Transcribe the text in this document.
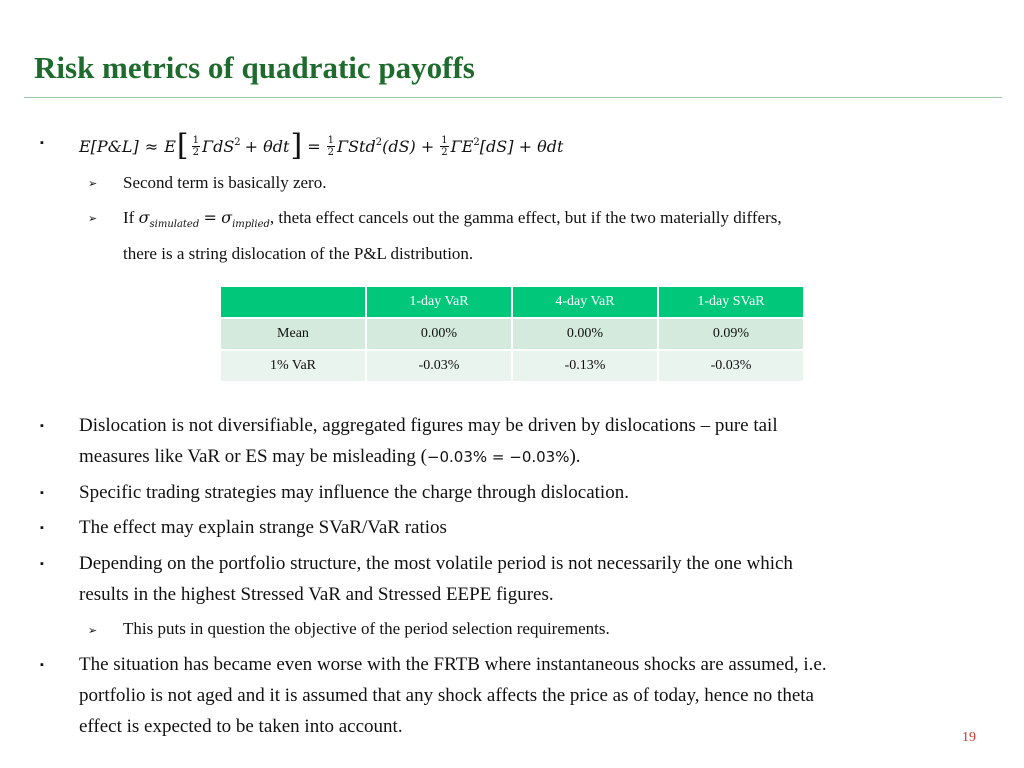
Risk metrics of quadratic payoffs
▪ E[P&L] ≈ E [ $\frac{1}{2} \Gamma dS^2 + \theta dt$ ] = $\frac{1}{2} \Gamma Std^2$ $(dS) + \frac{1}{2} \Gamma E^2$ [dS] + θdt
➢ Second term is basically zero.
➢ If $\sigma_{simulated} = \sigma_{implied}$, theta effect cancels out the gamma effect, but if the two materially differs,
there is a string dislocation of the P&L distribution.
	1-day VaR	4-day VaR	1-day SVaR
Mean	0.00%	0.00%	0.09%
1% VaR	-0.03%	-0.13%	-0.03%
▪ Dislocation is not diversifiable, aggregated figures may be driven by dislocations – pure tail
measures like VaR or ES may be misleading (−0.03% = −0.03%).
▪ Specific trading strategies may influence the charge through dislocation.
▪ The effect may explain strange SVaR/VaR ratios
▪ Depending on the portfolio structure, the most volatile period is not necessarily the one which
results in the highest Stressed VaR and Stressed EEPE figures.
➢ This puts in question the objective of the period selection requirements.
▪ The situation has became even worse with the FRTB where instantaneous shocks are assumed, i.e.
portfolio is not aged and it is assumed that any shock affects the price as of today, hence no theta
effect is expected to be taken into account.
19
